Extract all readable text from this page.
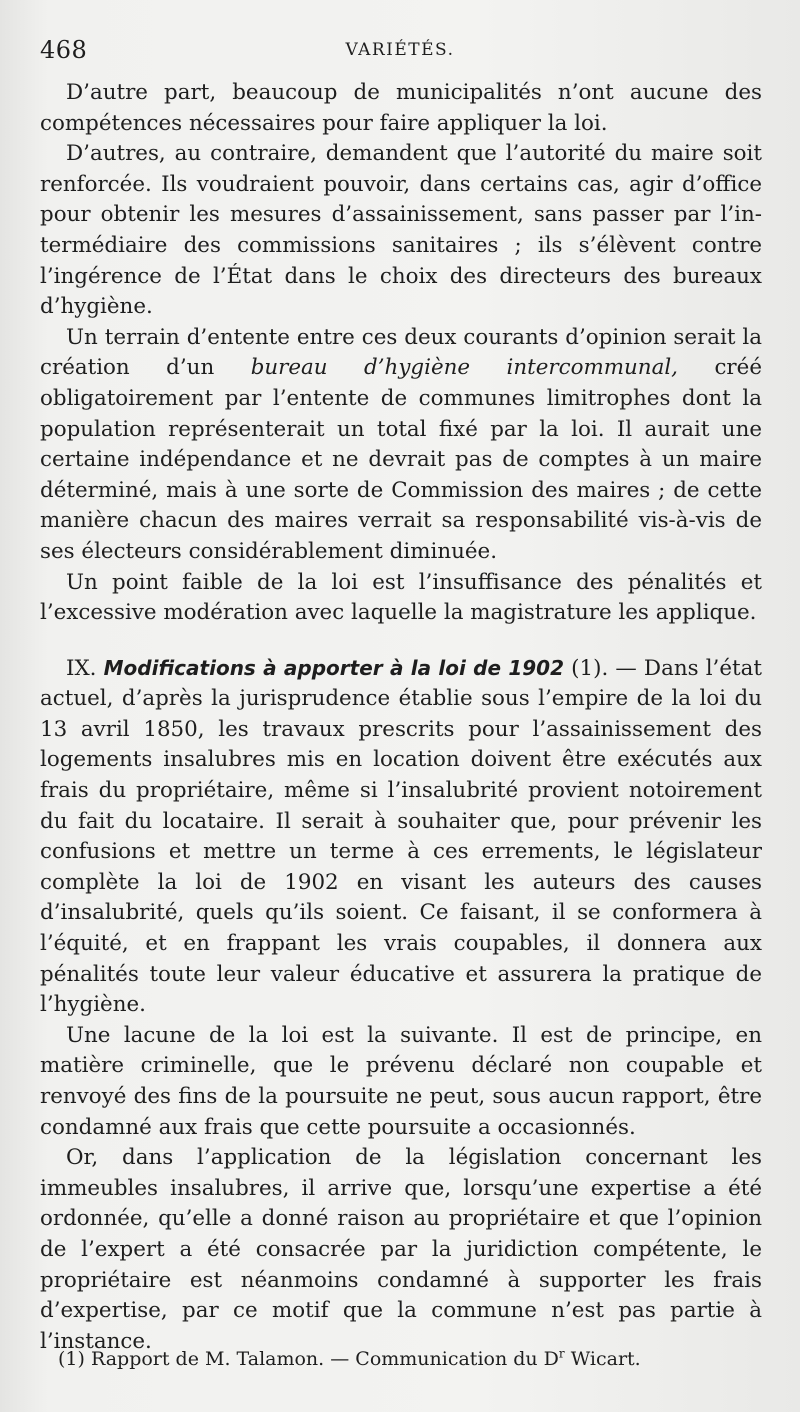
468	VARIÉTÉS.

D’autre part, beaucoup de municipalités n’ont aucune des compétences nécessaires pour faire appliquer la loi.

D’autres, au contraire, demandent que l’autorité du maire soit renforcée. Ils voudraient pouvoir, dans certains cas, agir d’office pour obtenir les mesures d’assainissement, sans passer par l’in-termédiaire des commissions sanitaires ; ils s’élèvent contre l’ingérence de l’État dans le choix des directeurs des bureaux d’hygiène.

Un terrain d’entente entre ces deux courants d’opinion serait la création d’un bureau d’hygiène intercommunal, créé obligatoirement par l’entente de communes limitrophes dont la population représenterait un total fixé par la loi. Il aurait une certaine indépendance et ne devrait pas de comptes à un maire déterminé, mais à une sorte de Commission des maires ; de cette manière chacun des maires verrait sa responsabilité vis-à-vis de ses électeurs considérablement diminuée.

Un point faible de la loi est l’insuffisance des pénalités et l’excessive modération avec laquelle la magistrature les applique.

IX. Modifications à apporter à la loi de 1902 (1). — Dans l’état actuel, d’après la jurisprudence établie sous l’empire de la loi du 13 avril 1850, les travaux prescrits pour l’assainissement des logements insalubres mis en location doivent être exécutés aux frais du propriétaire, même si l’insalubrité provient notoirement du fait du locataire. Il serait à souhaiter que, pour prévenir les confusions et mettre un terme à ces errements, le législateur complète la loi de 1902 en visant les auteurs des causes d’insalubrité, quels qu’ils soient. Ce faisant, il se conformera à l’équité, et en frappant les vrais coupables, il donnera aux pénalités toute leur valeur éducative et assurera la pratique de l’hygiène.

Une lacune de la loi est la suivante. Il est de principe, en matière criminelle, que le prévenu déclaré non coupable et renvoyé des fins de la poursuite ne peut, sous aucun rapport, être condamné aux frais que cette poursuite a occasionnés.

Or, dans l’application de la législation concernant les immeubles insalubres, il arrive que, lorsqu’une expertise a été ordonnée, qu’elle a donné raison au propriétaire et que l’opinion de l’expert a été consacrée par la juridiction compétente, le propriétaire est néanmoins condamné à supporter les frais d’expertise, par ce motif que la commune n’est pas partie à l’instance.

(1) Rapport de M. Talamon. — Communication du $D^r$ Wicart.
